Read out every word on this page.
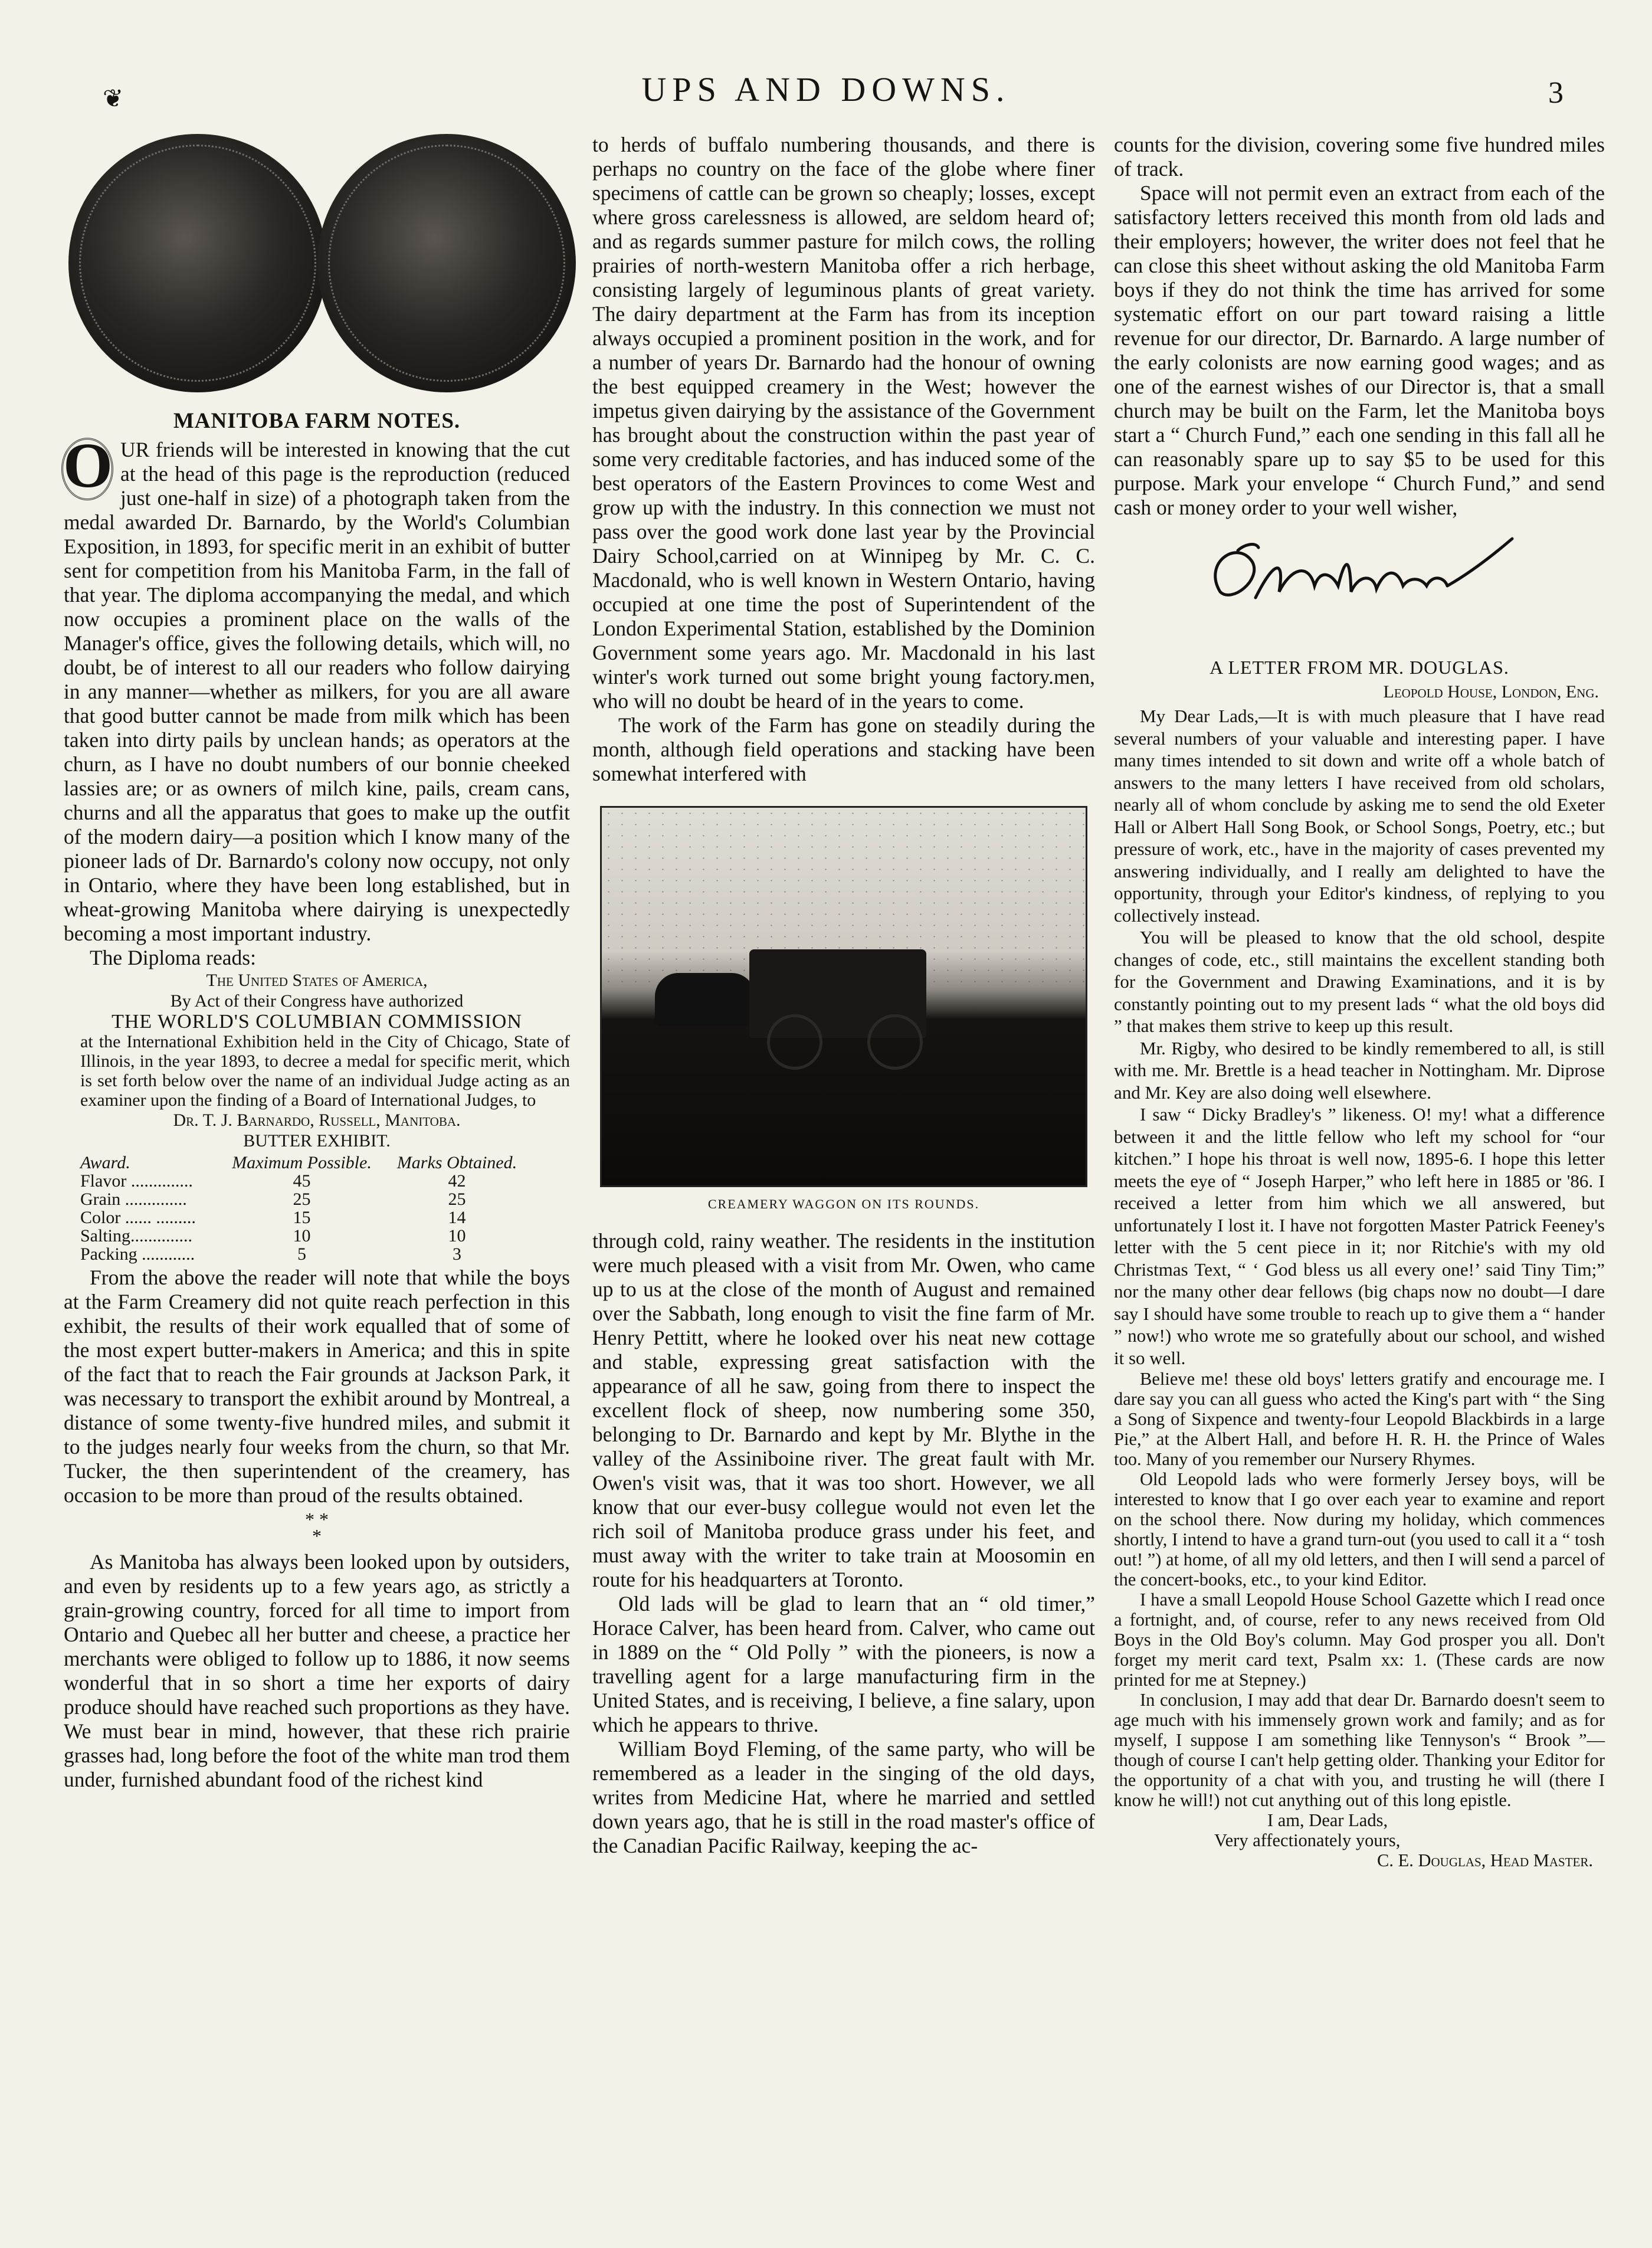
❦	UPS AND DOWNS.	3
MANITOBA FARM NOTES.

O UR friends will be interested in knowing that the cut at the head of this page is the reproduction (reduced just one-half in size) of a photograph taken from the medal awarded Dr. Barnardo, by the World's Columbian Exposition, in 1893, for specific merit in an exhibit of butter sent for competition from his Manitoba Farm, in the fall of that year. The diploma accompanying the medal, and which now occupies a prominent place on the walls of the Manager's office, gives the following details, which will, no doubt, be of interest to all our readers who follow dairying in any manner—whether as milkers, for you are all aware that good butter cannot be made from milk which has been taken into dirty pails by unclean hands; as operators at the churn, as I have no doubt numbers of our bonnie cheeked lassies are; or as owners of milch kine, pails, cream cans, churns and all the apparatus that goes to make up the outfit of the modern dairy—a position which I know many of the pioneer lads of Dr. Barnardo's colony now occupy, not only in Ontario, where they have been long established, but in wheat-growing Manitoba where dairying is unexpectedly becoming a most important industry.

The Diploma reads:

The United States of America,

By Act of their Congress have authorized

THE WORLD'S COLUMBIAN COMMISSION

at the International Exhibition held in the City of Chicago, State of Illinois, in the year 1893, to decree a medal for specific merit, which is set forth below over the name of an individual Judge acting as an examiner upon the finding of a Board of International Judges, to

Dr. T. J. Barnardo, Russell, Manitoba.

BUTTER EXHIBIT.

Award.	Maximum Possible.	Marks Obtained.
Flavor ..............	45	42
Grain ..............	25	25
Color ...... .........	15	14
Salting..............	10	10
Packing ............	5	3

From the above the reader will note that while the boys at the Farm Creamery did not quite reach perfection in this exhibit, the results of their work equalled that of some of the most expert butter-makers in America; and this in spite of the fact that to reach the Fair grounds at Jackson Park, it was necessary to transport the exhibit around by Montreal, a distance of some twenty-five hundred miles, and submit it to the judges nearly four weeks from the churn, so that Mr. Tucker, the then superintendent of the creamery, has occasion to be more than proud of the results obtained.

* *
*

As Manitoba has always been looked upon by outsiders, and even by residents up to a few years ago, as strictly a grain-growing country, forced for all time to import from Ontario and Quebec all her butter and cheese, a practice her merchants were obliged to follow up to 1886, it now seems wonderful that in so short a time her exports of dairy produce should have reached such proportions as they have. We must bear in mind, however, that these rich prairie grasses had, long before the foot of the white man trod them under, furnished abundant food of the richest kind

to herds of buffalo numbering thousands, and there is perhaps no country on the face of the globe where finer specimens of cattle can be grown so cheaply; losses, except where gross carelessness is allowed, are seldom heard of; and as regards summer pasture for milch cows, the rolling prairies of north-western Manitoba offer a rich herbage, consisting largely of leguminous plants of great variety. The dairy department at the Farm has from its inception always occupied a prominent position in the work, and for a number of years Dr. Barnardo had the honour of owning the best equipped creamery in the West; however the impetus given dairying by the assistance of the Government has brought about the construction within the past year of some very creditable factories, and has induced some of the best operators of the Eastern Provinces to come West and grow up with the industry. In this connection we must not pass over the good work done last year by the Provincial Dairy School,carried on at Winnipeg by Mr. C. C. Macdonald, who is well known in Western Ontario, having occupied at one time the post of Superintendent of the London Experimental Station, established by the Dominion Government some years ago. Mr. Macdonald in his last winter's work turned out some bright young factory.men, who will no doubt be heard of in the years to come.

The work of the Farm has gone on steadily during the month, although field operations and stacking have been somewhat interfered with

CREAMERY WAGGON ON ITS ROUNDS.

through cold, rainy weather. The residents in the institution were much pleased with a visit from Mr. Owen, who came up to us at the close of the month of August and remained over the Sabbath, long enough to visit the fine farm of Mr. Henry Pettitt, where he looked over his neat new cottage and stable, expressing great satisfaction with the appearance of all he saw, going from there to inspect the excellent flock of sheep, now numbering some 350, belonging to Dr. Barnardo and kept by Mr. Blythe in the valley of the Assiniboine river. The great fault with Mr. Owen's visit was, that it was too short. However, we all know that our ever-busy collegue would not even let the rich soil of Manitoba produce grass under his feet, and must away with the writer to take train at Moosomin en route for his headquarters at Toronto.

Old lads will be glad to learn that an “ old timer,” Horace Calver, has been heard from. Calver, who came out in 1889 on the “ Old Polly ” with the pioneers, is now a travelling agent for a large manufacturing firm in the United States, and is receiving, I believe, a fine salary, upon which he appears to thrive.

William Boyd Fleming, of the same party, who will be remembered as a leader in the singing of the old days, writes from Medicine Hat, where he married and settled down years ago, that he is still in the road master's office of the Canadian Pacific Railway, keeping the ac-

counts for the division, covering some five hundred miles of track.

Space will not permit even an extract from each of the satisfactory letters received this month from old lads and their employers; however, the writer does not feel that he can close this sheet without asking the old Manitoba Farm boys if they do not think the time has arrived for some systematic effort on our part toward raising a little revenue for our director, Dr. Barnardo. A large number of the early colonists are now earning good wages; and as one of the earnest wishes of our Director is, that a small church may be built on the Farm, let the Manitoba boys start a “ Church Fund,” each one sending in this fall all he can reasonably spare up to say $5 to be used for this purpose. Mark your envelope “ Church Fund,” and send cash or money order to your well wisher,

A LETTER FROM MR. DOUGLAS.
Leopold House, London, Eng.

My Dear Lads,—It is with much pleasure that I have read several numbers of your valuable and interesting paper. I have many times intended to sit down and write off a whole batch of answers to the many letters I have received from old scholars, nearly all of whom conclude by asking me to send the old Exeter Hall or Albert Hall Song Book, or School Songs, Poetry, etc.; but pressure of work, etc., have in the majority of cases prevented my answering individually, and I really am delighted to have the opportunity, through your Editor's kindness, of replying to you collectively instead.

You will be pleased to know that the old school, despite changes of code, etc., still maintains the excellent standing both for the Government and Drawing Examinations, and it is by constantly pointing out to my present lads “ what the old boys did ” that makes them strive to keep up this result.

Mr. Rigby, who desired to be kindly remembered to all, is still with me. Mr. Brettle is a head teacher in Nottingham. Mr. Diprose and Mr. Key are also doing well elsewhere.

I saw “ Dicky Bradley's ” likeness. O! my! what a difference between it and the little fellow who left my school for “our kitchen.” I hope his throat is well now, 1895-6. I hope this letter meets the eye of “ Joseph Harper,” who left here in 1885 or '86. I received a letter from him which we all answered, but unfortunately I lost it. I have not forgotten Master Patrick Feeney's letter with the 5 cent piece in it; nor Ritchie's with my old Christmas Text, “ ‘ God bless us all every one!’ said Tiny Tim;” nor the many other dear fellows (big chaps now no doubt—I dare say I should have some trouble to reach up to give them a “ hander ” now!) who wrote me so gratefully about our school, and wished it so well.

Believe me! these old boys' letters gratify and encourage me. I dare say you can all guess who acted the King's part with “ the Sing a Song of Sixpence and twenty-four Leopold Blackbirds in a large Pie,” at the Albert Hall, and before H. R. H. the Prince of Wales too. Many of you remember our Nursery Rhymes.

Old Leopold lads who were formerly Jersey boys, will be interested to know that I go over each year to examine and report on the school there. Now during my holiday, which commences shortly, I intend to have a grand turn-out (you used to call it a “ tosh out! ”) at home, of all my old letters, and then I will send a parcel of the concert-books, etc., to your kind Editor.

I have a small Leopold House School Gazette which I read once a fortnight, and, of course, refer to any news received from Old Boys in the Old Boy's column. May God prosper you all. Don't forget my merit card text, Psalm xx: 1. (These cards are now printed for me at Stepney.)

In conclusion, I may add that dear Dr. Barnardo doesn't seem to age much with his immensely grown work and family; and as for myself, I suppose I am something like Tennyson's “ Brook ”—though of course I can't help getting older. Thanking your Editor for the opportunity of a chat with you, and trusting he will (there I know he will!) not cut anything out of this long epistle.

I am, Dear Lads,
Very affectionately yours,
C. E. Douglas, Head Master.
